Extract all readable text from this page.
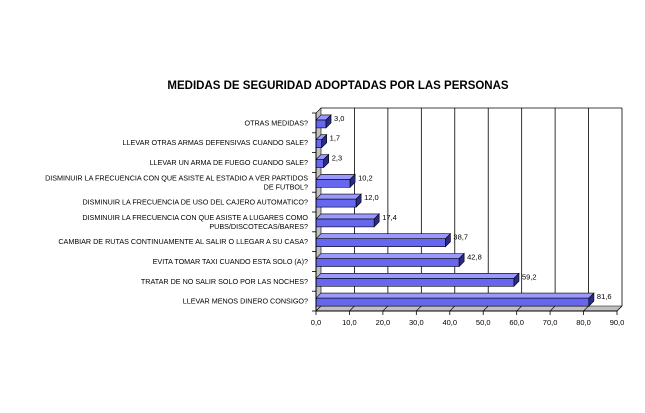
MEDIDAS DE SEGURIDAD ADOPTADAS POR LAS PERSONAS
OTRAS MEDIDAS?
LLEVAR OTRAS ARMAS DEFENSIVAS CUANDO SALE?
LLEVAR UN ARMA DE FUEGO CUANDO SALE?
DISMINUIR LA FRECUENCIA CON QUE ASISTE AL ESTADIO A VER PARTIDOS
DE FUTBOL?
DISMINUIR LA FRECUENCIA DE USO DEL CAJERO AUTOMATICO?
DISMINUIR LA FRECUENCIA CON QUE ASISTE A LUGARES COMO
PUBS/DISCOTECAS/BARES?
CAMBIAR DE RUTAS CONTINUAMENTE AL SALIR O LLEGAR A SU CASA?
EVITA TOMAR TAXI CUANDO ESTA SOLO (A)?
TRATAR DE NO SALIR SOLO POR LAS NOCHES?
LLEVAR MENOS DINERO CONSIGO?
0,0	10,0	20,0	30,0	40,0	50,0	60,0	70,0	80,0	90,0
3,0
1,7
2,3
10,2
12,0
17,4
38,7
42,8
59,2
81,6
